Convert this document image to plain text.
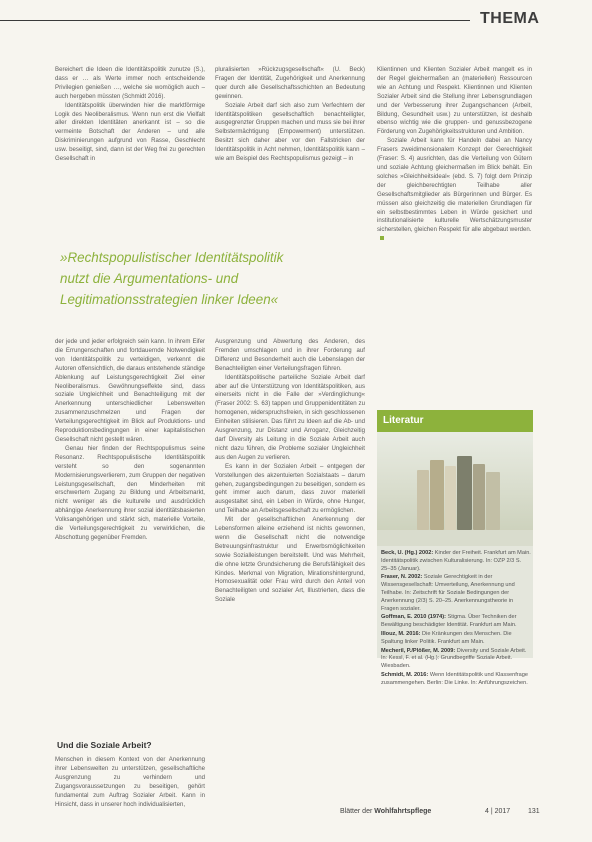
THEMA

Bereichert die Ideen die Identitätspolitik zunutze (S.), dass er … als Werte immer noch entscheidende Privilegien genießen …, welche sie womöglich auch – auch hergeben müssten (Schmidt 2016).

Identitätspolitik überwinden hier die marktförmige Logik des Neoliberalismus. Wenn nun erst die Vielfalt aller direkten Identitäten anerkannt ist – so die vermeinte Botschaft der Anderen – und alle Diskriminierungen aufgrund von Rasse, Geschlecht usw. beseitigt, sind, dann ist der Weg frei zu gerechten Gesellschaft in

pluralisierten »Rückzugsgesellschaft« (U. Beck) Fragen der Identität, Zugehörigkeit und Anerkennung quer durch alle Gesellschaftsschichten an Bedeutung gewinnen.

Soziale Arbeit darf sich also zum Verfechtern der Identitätspolitiken gesellschaftlich benachteiligter, ausgegrenzter Gruppen machen und muss sie bei ihrer Selbstermächtigung (Empowerment) unterstützen. Besitzt sich daher aber vor den Fallstricken der Identitätspolitik in Acht nehmen, Identitätspolitik kann – wie am Beispiel des Rechtspopulismus gezeigt – in

Klientinnen und Klienten Sozialer Arbeit mangelt es in der Regel gleichermaßen an (materiellen) Ressourcen wie an Achtung und Respekt. Klientinnen und Klienten Sozialer Arbeit sind die Stellung ihrer Lebensgrundlagen und der Verbesserung ihrer Zugangschancen (Arbeit, Bildung, Gesundheit usw.) zu unterstützen, ist deshalb ebenso wichtig wie die gruppen- und genussbezogene Förderung von Zugehörigkeitsstrukturen und Ambition.

Soziale Arbeit kann für Handeln dabei an Nancy Frasers zweidimensionalem Konzept der Gerechtigkeit (Fraser: S. 4) ausrichten, das die Verteilung von Gütern und soziale Achtung gleichermaßen im Blick behält. Ein solches »Gleichheitsideal« (ebd. S. 7) folgt dem Prinzip der gleichberechtigten Teilhabe aller Gesellschaftsmitglieder als Bürgerinnen und Bürger. Es müssen also gleichzeitig die materiellen Grundlagen für ein selbstbestimmtes Leben in Würde gesichert und institutionalisierte kulturelle Wertschätzungsmuster sicherstellen, gleichen Respekt für alle abgebaut werden.

»Rechtspopulistischer Identitätspolitik
nutzt die Argumentations- und
Legitimationsstrategien linker Ideen«

der jede und jeder erfolgreich sein kann. In ihrem Eifer die Errungenschaften und fortdauernde Notwendigkeit von Identitätspolitik zu verteidigen, verkennt die Autoren offensichtlich, die daraus entstehende ständige Ablenkung auf Leistungsgerechtigkeit Ziel einer Neoliberalismus. Gewöhnungseffekte sind, dass soziale Ungleichheit und Benachteiligung mit der Anerkennung unterschiedlicher Lebenswelten zusammenzuschmelzen und Fragen der Verteilungsgerechtigkeit im Blick auf Produktions- und Reproduktionsbedingungen in einer kapitalistischen Gesellschaft nicht gestellt wären.

Genau hier finden der Rechtspopulismus seine Resonanz. Rechtspopulistische Identitätspolitik versteht so den sogenannten Modernisierungsverlierern, zum Gruppen der negativen Leistungsgesellschaft, den Minderheiten mit erschwertem Zugang zu Bildung und Arbeitsmarkt, nicht weniger als die kulturelle und ausdrücklich abhängige Anerkennung ihrer sozial identitätsbasierten Volksangehörigen und stärkt sich, materielle Vorteile, die Verteilungsgerechtigkeit zu verwirklichen, die Abschottung gegenüber Fremden.

Und die Soziale Arbeit?

Menschen in diesem Kontext von der Anerkennung ihrer Lebenswelten zu unterstützen, gesellschaftliche Ausgrenzung zu verhindern und Zugangsvoraussetzungen zu beseitigen, gehört fundamental zum Auftrag Sozialer Arbeit. Kann in Hinsicht, dass in unserer hoch individualisierten,

Ausgrenzung und Abwertung des Anderen, des Fremden umschlagen und in ihrer Forderung auf Differenz und Besonderheit auch die Lebenslagen der Benachteiligten einer Verteilungsfragen führen.

Identitätspolitische parteiliche Soziale Arbeit darf aber auf die Unterstützung von Identitätspolitiken, aus einerseits nicht in die Falle der »Verdinglichung« (Fraser 2002: S. 63) tappen und Gruppenidentitäten zu homogenen, widerspruchsfreien, in sich geschlossenen Einheiten stilisieren. Das führt zu Ideen auf die Ab- und Ausgrenzung, zur Distanz und Arroganz, Gleichzeitig darf Diversity als Leitung in die Soziale Arbeit auch nicht dazu führen, die Probleme sozialer Ungleichheit aus den Augen zu verlieren.

Es kann in der Sozialen Arbeit – entgegen der Vorstellungen des akzentuierten Sozialstaats – darum gehen, zugangsbedingungen zu beseitigen, sondern es geht immer auch darum, dass zuvor materiell ausgestaltet sind, ein Leben in Würde, ohne Hunger, und Teilhabe an Arbeitsgesellschaft zu ermöglichen.

Mit der gesellschaftlichen Anerkennung der Lebensformen alleine erziehend ist nichts gewonnen, wenn die Gesellschaft nicht die notwendige Betreuungsinfrastruktur und Erwerbsmöglichkeiten sowie Sozialleistungen bereitstellt. Und was Mehrheit, die ohne letzte Grundsicherung die Berufsfähigkeit des Kindes. Merkmal von Migration, Mirationshintergrund, Homosexualität oder Frau wird durch den Anteil von Benachteiligten und sozialer Art, Illustrierten, dass die Soziale

Literatur

Beck, U. (Hg.) 2002: Kinder der Freiheit. Frankfurt am Main. Identitätspolitik zwischen Kulturalisierung. In: OZP 2/3 S. 25–35 (Januar).

Fraser, N. 2002: Soziale Gerechtigkeit in der Wissensgesellschaft: Umverteilung, Anerkennung und Teilhabe. In: Zeitschrift für Soziale Bedingungen der Anerkennung (2/3) S. 20–25. Anerkennungstheorie in Fragen sozialer.

Goffman, E. 2010 (1974): Stigma. Über Techniken der Bewältigung beschädigter Identität. Frankfurt am Main.

Illouz, M. 2016: Die Kränkungen des Menschen. Die Spaltung linker Politik. Frankfurt am Main.

Mecheril, P./Plößer, M. 2009: Diversity und Soziale Arbeit. In: Kessl, F. et al. (Hg.): Grundbegriffe Soziale Arbeit. Wiesbaden.

Schmidt, M. 2016: Wenn Identitätspolitik und Klassenfrage zusammengehen. Berlin: Die Linke. In: Anführungszeichen.

Blätter der Wohlfahrtspflege	4 | 2017	131
